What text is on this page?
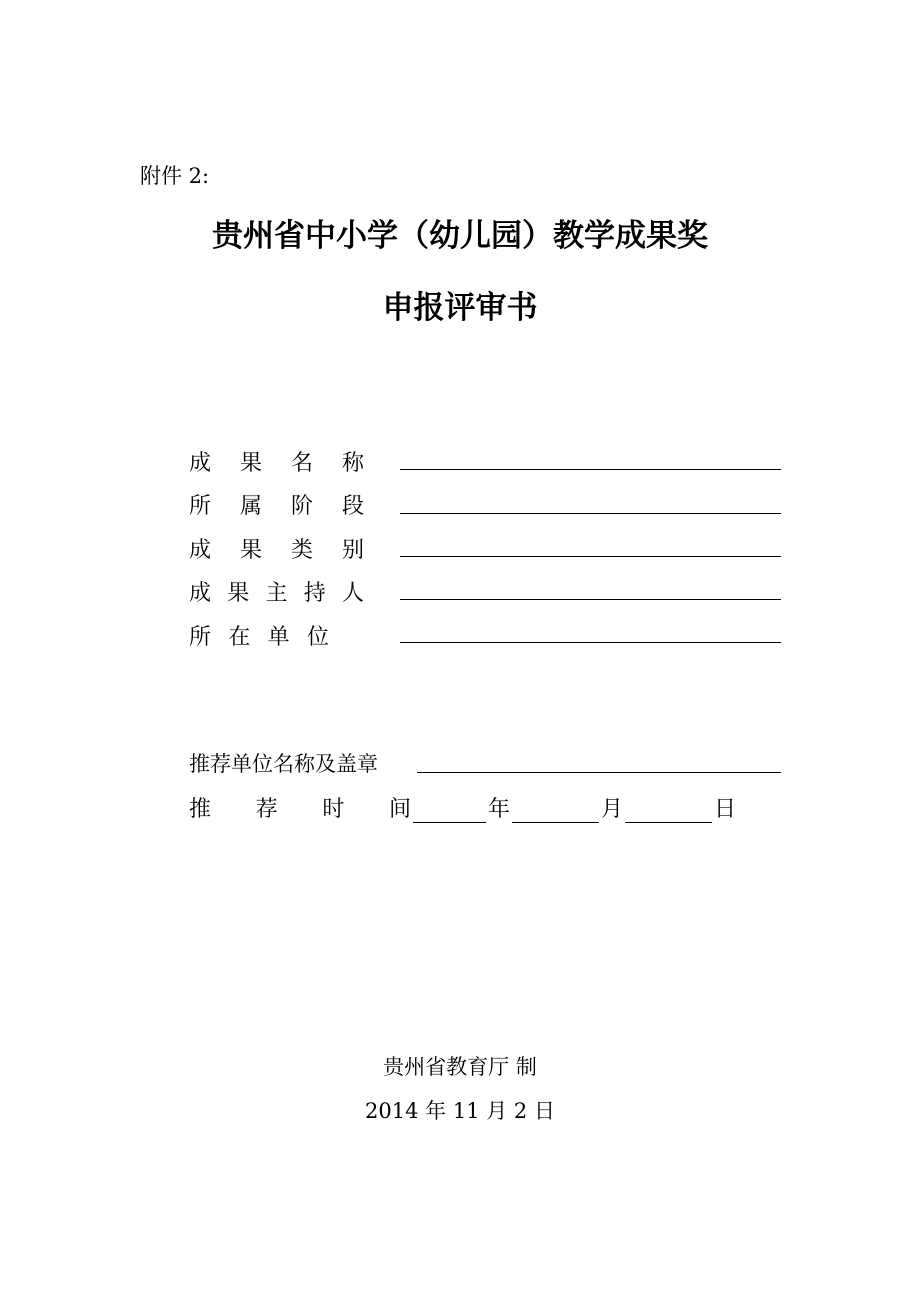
附件 2:
贵州省中小学（幼儿园）教学成果奖
申报评审书
成 果 名 称
所 属 阶 段
成 果 类 别
成 果 主 持 人
所 在 单 位
推荐单位名称及盖章
推 荐 时 间	年	月	日
贵州省教育厅 制
2014 年 11 月 2 日
